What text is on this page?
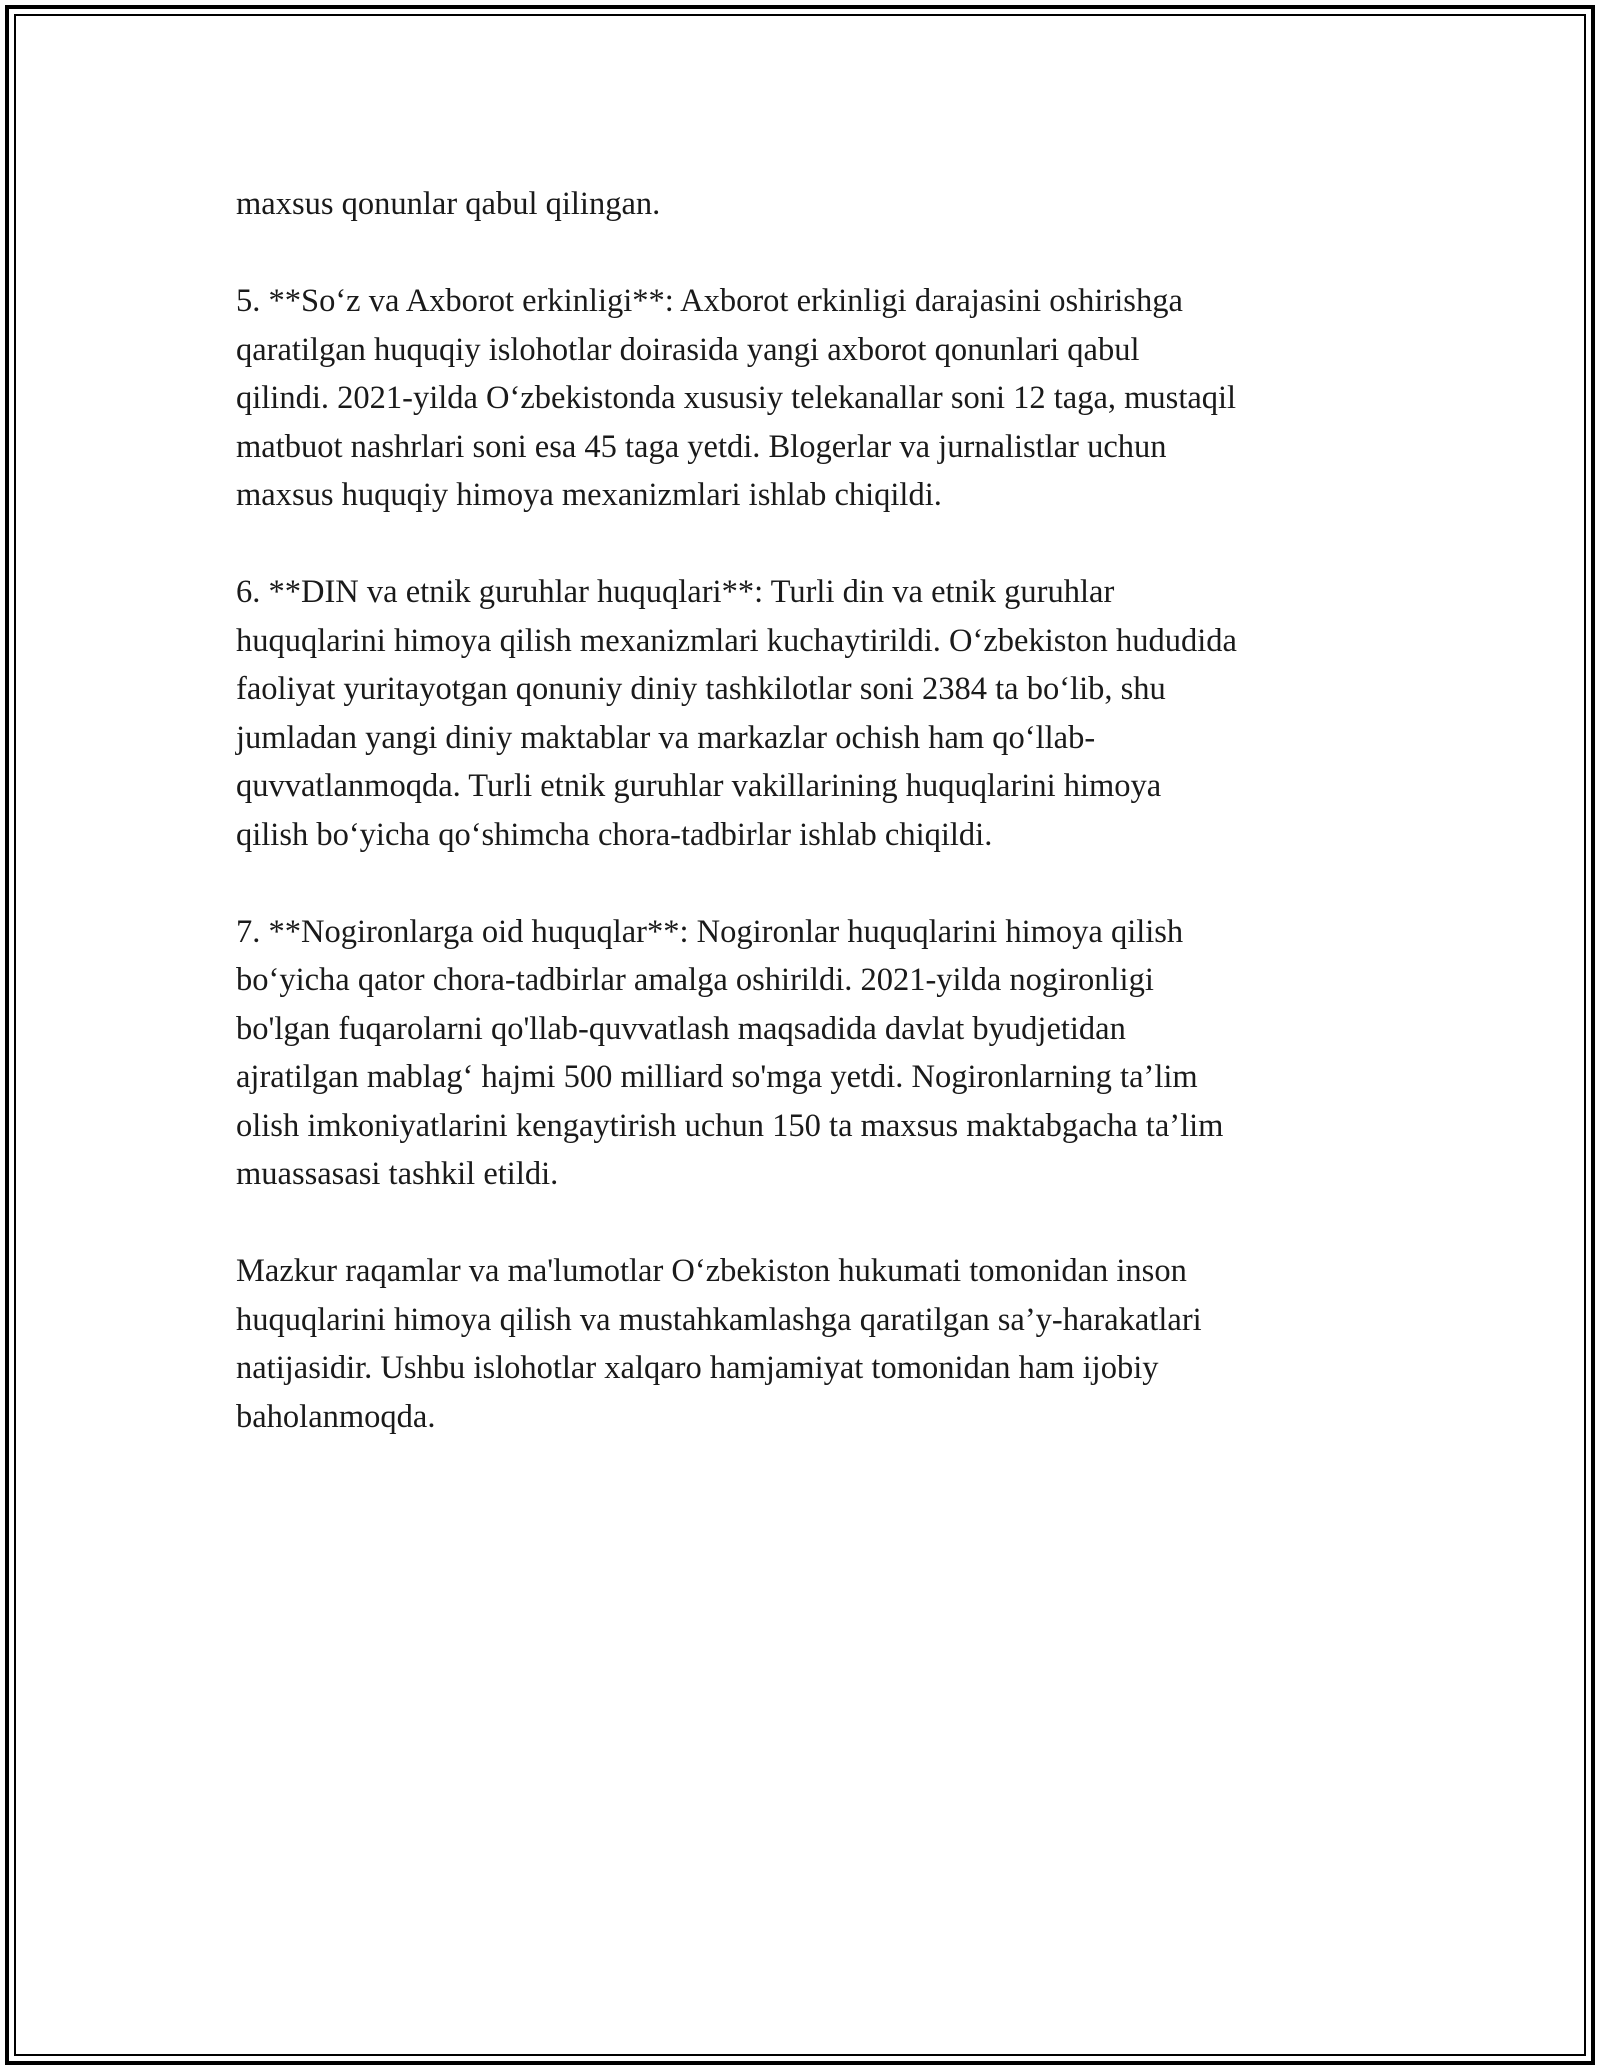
maxsus qonunlar qabul qilingan.

5. **So‘z va Axborot erkinligi**: Axborot erkinligi darajasini oshirishga
qaratilgan huquqiy islohotlar doirasida yangi axborot qonunlari qabul
qilindi. 2021-yilda O‘zbekistonda xususiy telekanallar soni 12 taga, mustaqil
matbuot nashrlari soni esa 45 taga yetdi. Blogerlar va jurnalistlar uchun
maxsus huquqiy himoya mexanizmlari ishlab chiqildi.

6. **DIN va etnik guruhlar huquqlari**: Turli din va etnik guruhlar
huquqlarini himoya qilish mexanizmlari kuchaytirildi. O‘zbekiston hududida
faoliyat yuritayotgan qonuniy diniy tashkilotlar soni 2384 ta bo‘lib, shu
jumladan yangi diniy maktablar va markazlar ochish ham qo‘llab-
quvvatlanmoqda. Turli etnik guruhlar vakillarining huquqlarini himoya
qilish bo‘yicha qo‘shimcha chora-tadbirlar ishlab chiqildi.

7. **Nogironlarga oid huquqlar**: Nogironlar huquqlarini himoya qilish
bo‘yicha qator chora-tadbirlar amalga oshirildi. 2021-yilda nogironligi
bo'lgan fuqarolarni qo'llab-quvvatlash maqsadida davlat byudjetidan
ajratilgan mablag‘ hajmi 500 milliard so'mga yetdi. Nogironlarning ta’lim
olish imkoniyatlarini kengaytirish uchun 150 ta maxsus maktabgacha ta’lim
muassasasi tashkil etildi.

Mazkur raqamlar va ma'lumotlar O‘zbekiston hukumati tomonidan inson
huquqlarini himoya qilish va mustahkamlashga qaratilgan sa’y-harakatlari
natijasidir. Ushbu islohotlar xalqaro hamjamiyat tomonidan ham ijobiy
baholanmoqda.
